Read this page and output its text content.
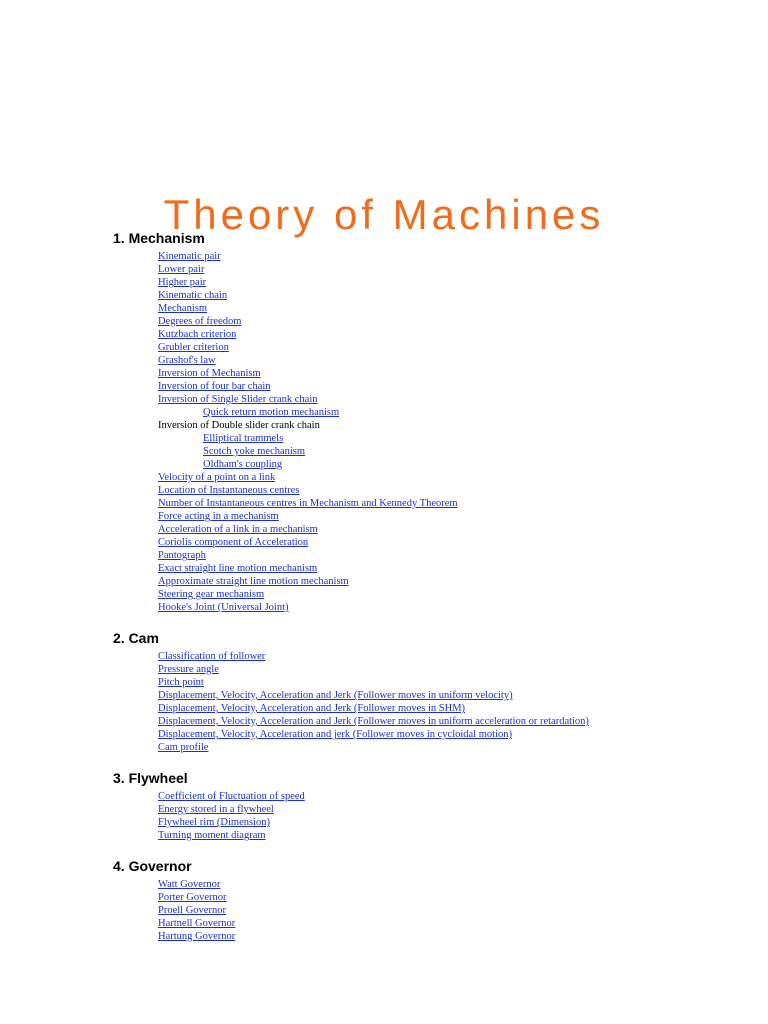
Theory of Machines
1. Mechanism
Kinematic pair
Lower pair
Higher pair
Kinematic chain
Mechanism
Degrees of freedom
Kutzbach criterion
Grubler criterion
Grashof's law
Inversion of Mechanism
Inversion of four bar chain
Inversion of Single Slider crank chain
Quick return motion mechanism
Inversion of Double slider crank chain
Elliptical trammels
Scotch yoke mechanism
Oldham's coupling
Velocity of a point on a link
Location of Instantaneous centres
Number of Instantaneous centres in Mechanism and Kennedy Theorem
Force acting in a mechanism
Acceleration of a link in a mechanism
Coriolis component of Acceleration
Pantograph
Exact straight line motion mechanism
Approximate straight line motion mechanism
Steering gear mechanism
Hooke's Joint (Universal Joint)
2. Cam
Classification of follower
Pressure angle
Pitch point
Displacement, Velocity, Acceleration and Jerk (Follower moves in uniform velocity)
Displacement, Velocity, Acceleration and Jerk (Follower moves in SHM)
Displacement, Velocity, Acceleration and Jerk (Follower moves in uniform acceleration or retardation)
Displacement, Velocity, Acceleration and jerk (Follower moves in cycloidal motion)
Cam profile
3. Flywheel
Coefficient of Fluctuation of speed
Energy stored in a flywheel
Flywheel rim (Dimension)
Turning moment diagram
4. Governor
Watt Governor
Porter Governor
Proell Governor
Hartnell Governor
Hartung Governor
